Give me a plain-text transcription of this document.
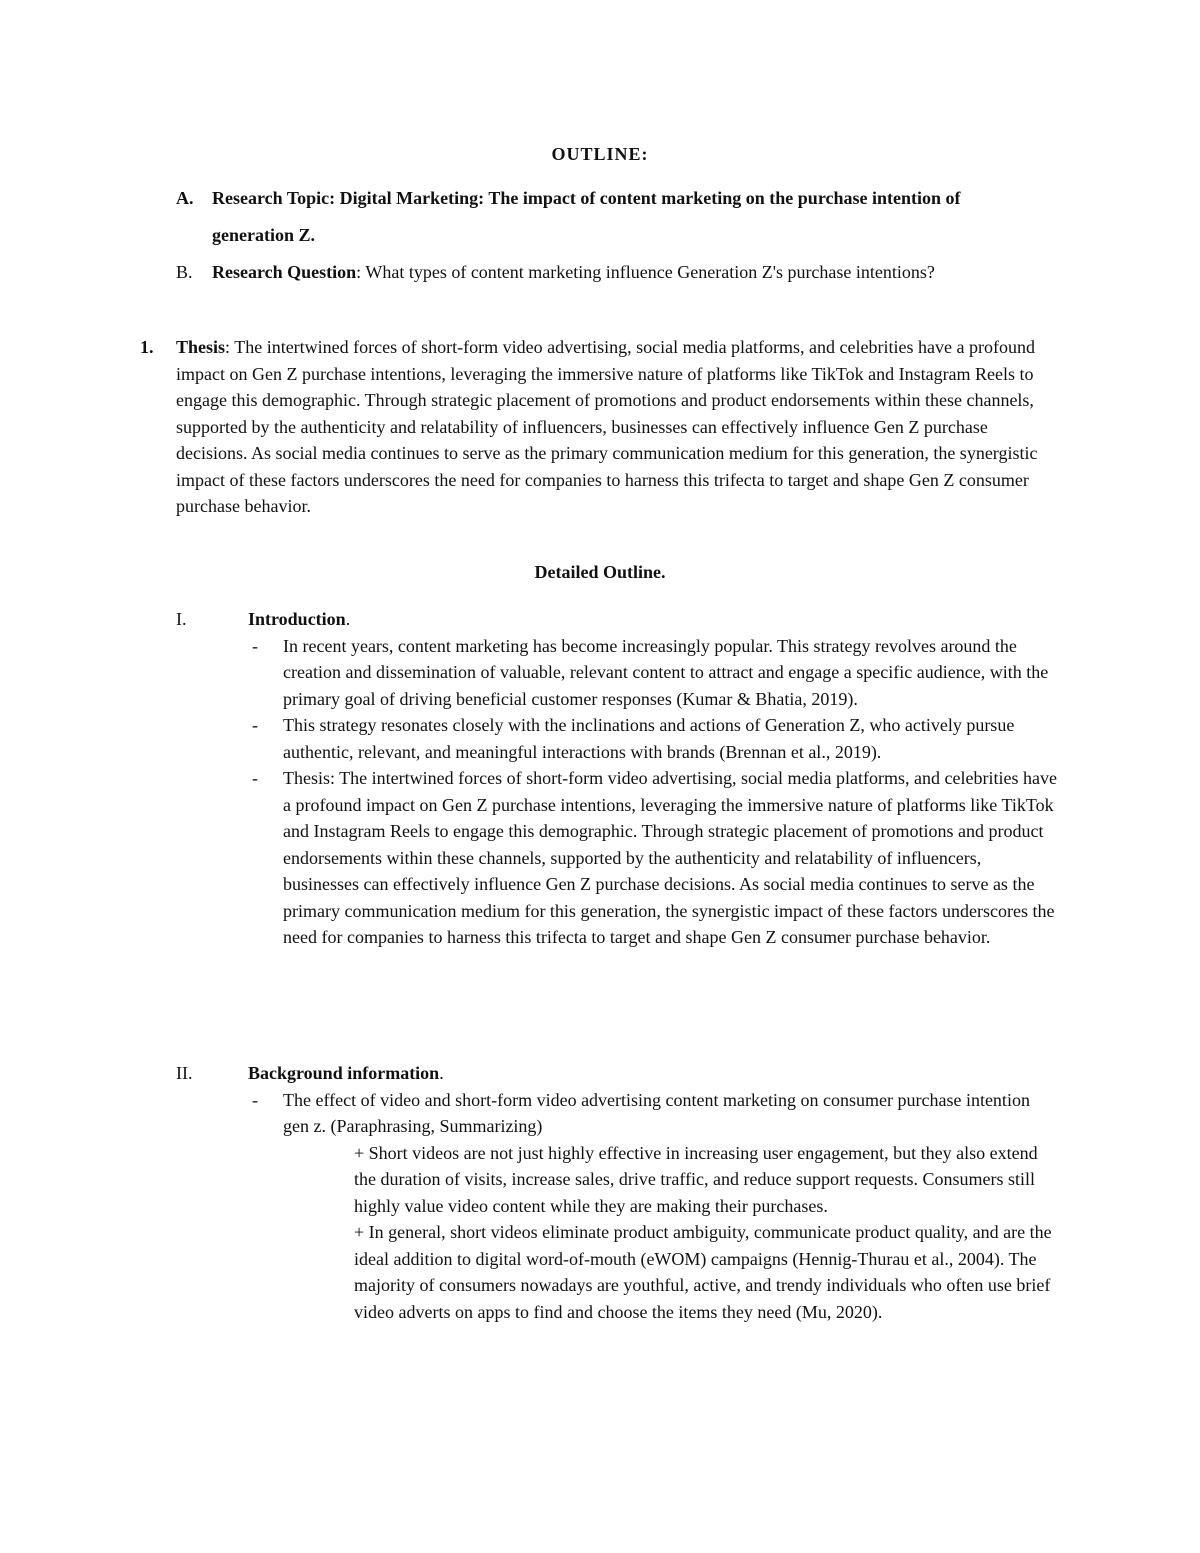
OUTLINE:
A. Research Topic: Digital Marketing: The impact of content marketing on the purchase intention of generation Z.
B. Research Question: What types of content marketing influence Generation Z's purchase intentions?
1. Thesis: The intertwined forces of short-form video advertising, social media platforms, and celebrities have a profound impact on Gen Z purchase intentions, leveraging the immersive nature of platforms like TikTok and Instagram Reels to engage this demographic. Through strategic placement of promotions and product endorsements within these channels, supported by the authenticity and relatability of influencers, businesses can effectively influence Gen Z purchase decisions. As social media continues to serve as the primary communication medium for this generation, the synergistic impact of these factors underscores the need for companies to harness this trifecta to target and shape Gen Z consumer purchase behavior.
Detailed Outline.
I.	Introduction.
- In recent years, content marketing has become increasingly popular. This strategy revolves around the creation and dissemination of valuable, relevant content to attract and engage a specific audience, with the primary goal of driving beneficial customer responses (Kumar & Bhatia, 2019).
- This strategy resonates closely with the inclinations and actions of Generation Z, who actively pursue authentic, relevant, and meaningful interactions with brands (Brennan et al., 2019).
- Thesis: The intertwined forces of short-form video advertising, social media platforms, and celebrities have a profound impact on Gen Z purchase intentions, leveraging the immersive nature of platforms like TikTok and Instagram Reels to engage this demographic. Through strategic placement of promotions and product endorsements within these channels, supported by the authenticity and relatability of influencers, businesses can effectively influence Gen Z purchase decisions. As social media continues to serve as the primary communication medium for this generation, the synergistic impact of these factors underscores the need for companies to harness this trifecta to target and shape Gen Z consumer purchase behavior.
II.	Background information.
- The effect of video and short-form video advertising content marketing on consumer purchase intention gen z. (Paraphrasing, Summarizing)
+ Short videos are not just highly effective in increasing user engagement, but they also extend the duration of visits, increase sales, drive traffic, and reduce support requests. Consumers still highly value video content while they are making their purchases.
+ In general, short videos eliminate product ambiguity, communicate product quality, and are the ideal addition to digital word-of-mouth (eWOM) campaigns (Hennig-Thurau et al., 2004). The majority of consumers nowadays are youthful, active, and trendy individuals who often use brief video adverts on apps to find and choose the items they need (Mu, 2020).
